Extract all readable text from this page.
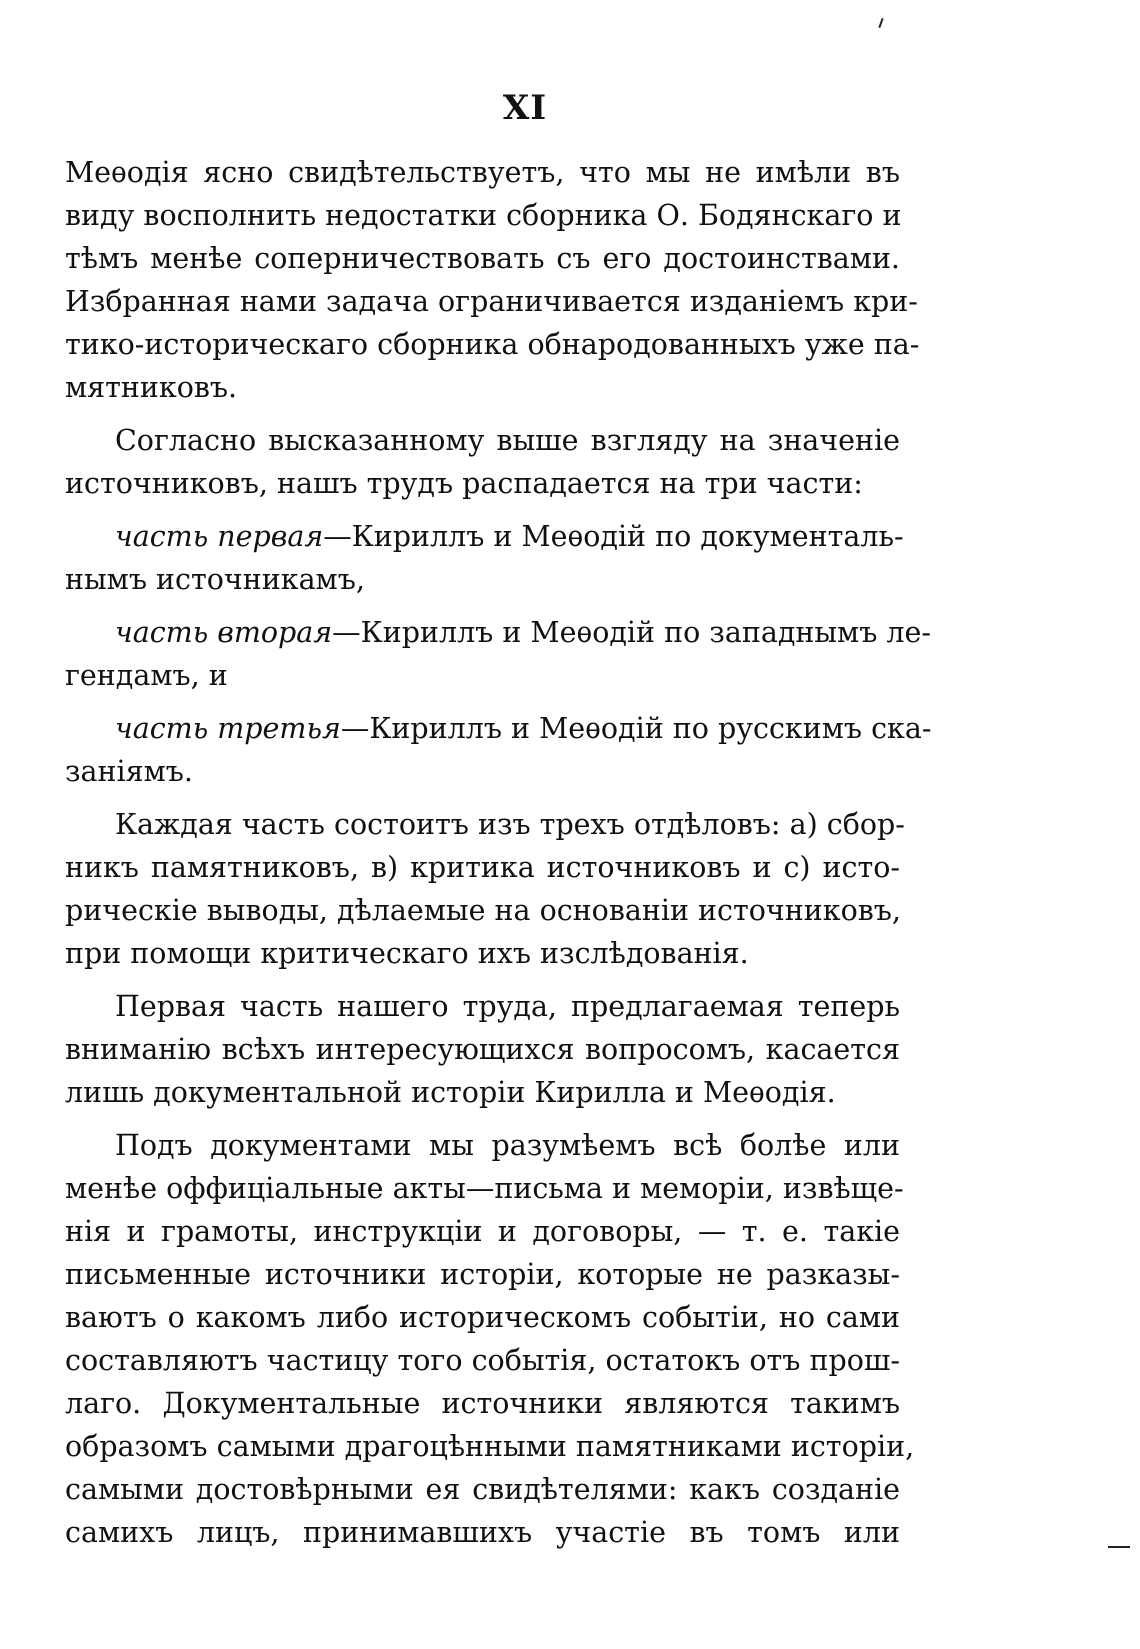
XI
Меѳодія ясно свидѣтельствуетъ, что мы не имѣли въ
виду восполнить недостатки сборника О. Бодянскаго и
тѣмъ менѣе соперничествовать съ его достоинствами.
Избранная нами задача ограничивается изданіемъ кри-
тико-историческаго сборника обнародованныхъ уже па-
мятниковъ.
Согласно высказанному выше взгляду на значеніе
источниковъ, нашъ трудъ распадается на три части:
часть первая—Кириллъ и Меѳодій по документаль-
нымъ источникамъ,
часть вторая—Кириллъ и Меѳодій по западнымъ ле-
гендамъ, и
часть третья—Кириллъ и Меѳодій по русскимъ ска-
заніямъ.
Каждая часть состоитъ изъ трехъ отдѣловъ: a) сбор-
никъ памятниковъ, в) критика источниковъ и c) исто-
рическіе выводы, дѣлаемые на основаніи источниковъ,
при помощи критическаго ихъ изслѣдованія.
Первая часть нашего труда, предлагаемая теперь
вниманію всѣхъ интересующихся вопросомъ, касается
лишь документальной исторіи Кирилла и Меѳодія.
Подъ документами мы разумѣемъ всѣ болѣе или
менѣе оффиціальные акты—письма и меморіи, извѣще-
нія и грамоты, инструкціи и договоры, — т. е. такіе
письменные источники исторіи, которые не разказы-
ваютъ о какомъ либо историческомъ событіи, но сами
составляютъ частицу того событія, остатокъ отъ прош-
лаго. Документальные источники являются такимъ
образомъ самыми драгоцѣнными памятниками исторіи,
самыми достовѣрными ея свидѣтелями: какъ созданіе
самихъ лицъ, принимавшихъ участіе въ томъ или
